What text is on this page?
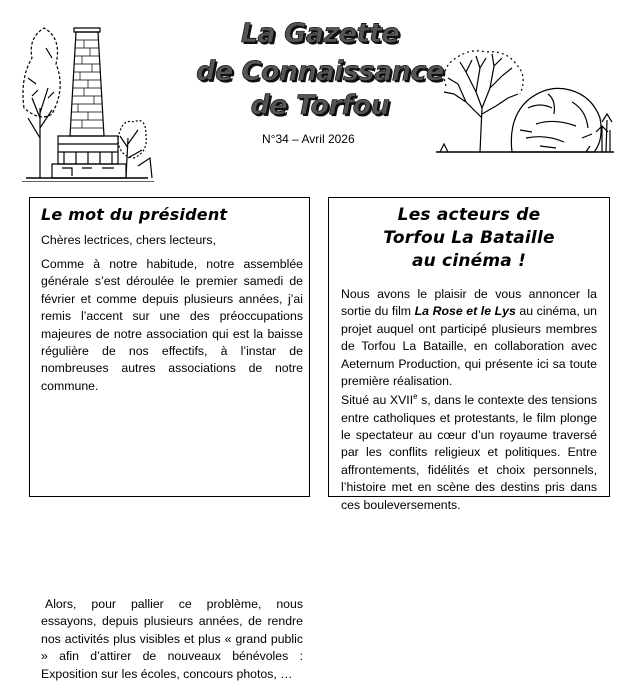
La Gazette
de Connaissance
de Torfou
N°34 – Avril 2026
Le mot du président
Chères lectrices, chers lecteurs,
Comme à notre habitude, notre assemblée générale s’est déroulée le premier samedi de février et comme depuis plusieurs années, j’ai remis l’accent sur une des préoccupations majeures de notre association qui est la baisse régulière de nos effectifs, à l’instar de nombreuses autres associations de notre commune.
Alors, pour pallier ce problème, nous essayons, depuis plusieurs années, de rendre nos activités plus visibles et plus « grand public » afin d’attirer de nouveaux bénévoles : Exposition sur les écoles, concours photos, …
Les acteurs de
Torfou La Bataille
au cinéma !
Nous avons le plaisir de vous annoncer la sortie du film La Rose et le Lys au cinéma, un projet auquel ont participé plusieurs membres de Torfou La Bataille, en collaboration avec Aeternum Production, qui présente ici sa toute première réalisation.
Situé au XVIIe s, dans le contexte des tensions entre catholiques et protestants, le film plonge le spectateur au cœur d’un royaume traversé par les conflits religieux et politiques. Entre affrontements, fidélités et choix personnels, l’histoire met en scène des destins pris dans ces bouleversements.
